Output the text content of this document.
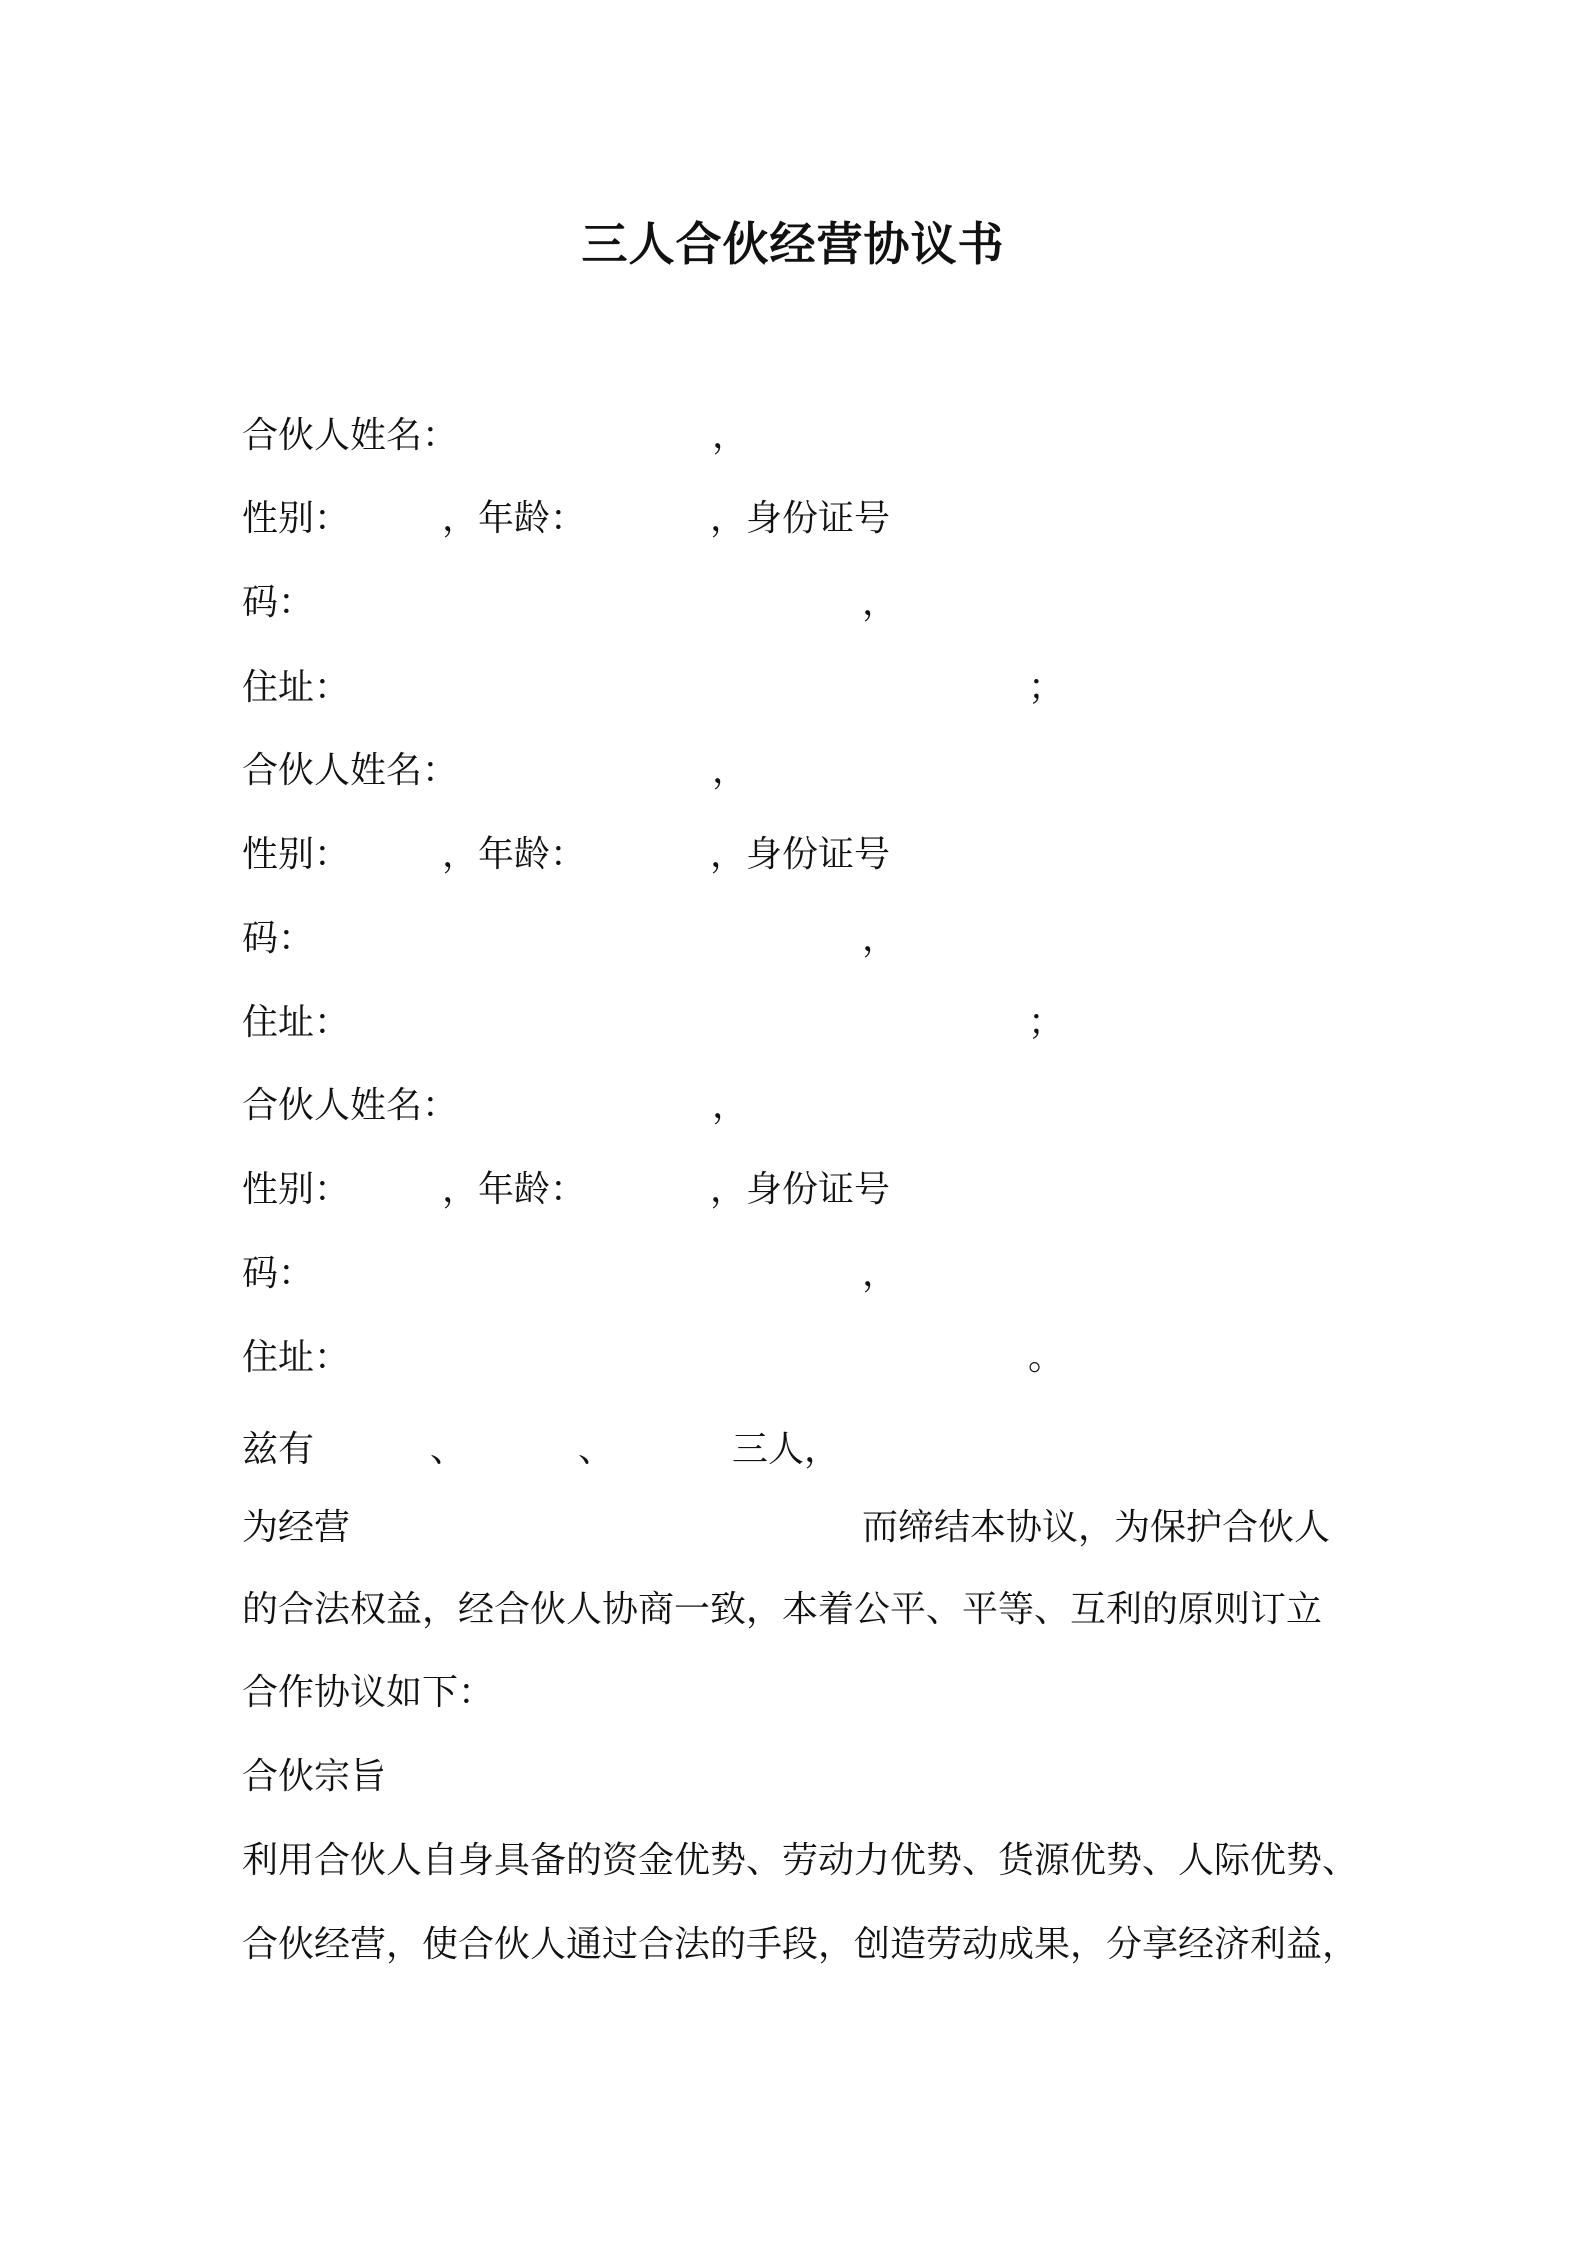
三人合伙经营协议书
合伙人姓名：	，
性别：	，年龄：	，身份证号
码：	，
住址：	；
合伙人姓名：	，
性别：	，年龄：	，身份证号
码：	，
住址：	；
合伙人姓名：	，
性别：	，年龄：	，身份证号
码：	，
住址：	。
兹有	、	、	三人，
为经营	而缔结本协议，为保护合伙人
的合法权益，经合伙人协商一致，本着公平、平等、互利的原则订立
合作协议如下：
合伙宗旨
利用合伙人自身具备的资金优势、劳动力优势、货源优势、人际优势、
合伙经营，使合伙人通过合法的手段，创造劳动成果，分享经济利益，
